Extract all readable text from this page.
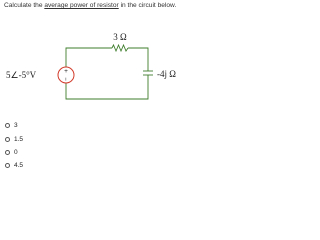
Calculate the average power of resistor in the circuit below.
3 Ω
-4j Ω
+
−
5∠-5°V
3
1.5
0
4.5
